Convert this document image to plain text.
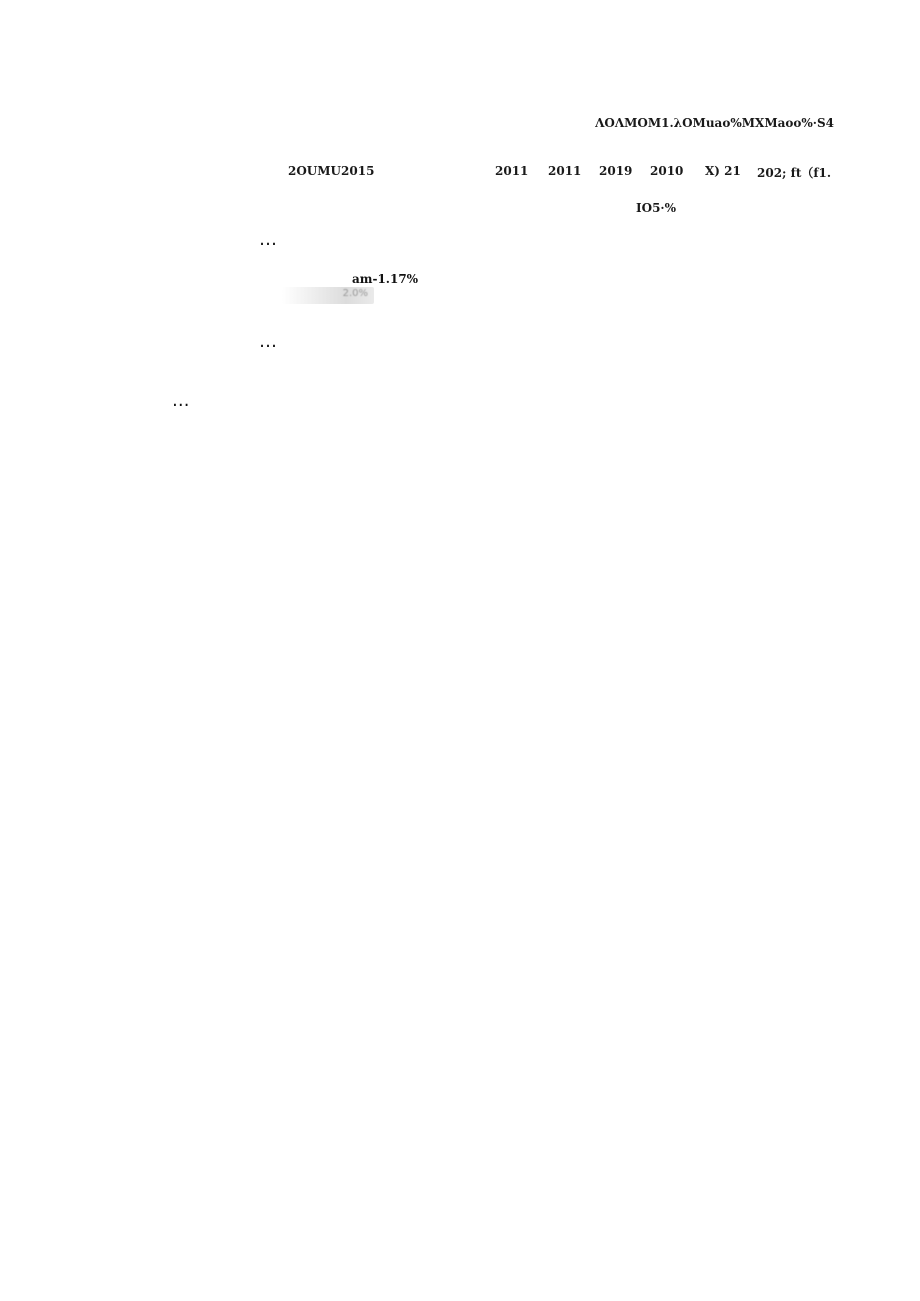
ΛOΛMOM1.λOMuao%MXMaoo%·S4
2OUMU2015	2011 2011 2019 2010 X) 21 202; ft（f1.
IO5·%
…
am-1.17%
2.0%
…

…
